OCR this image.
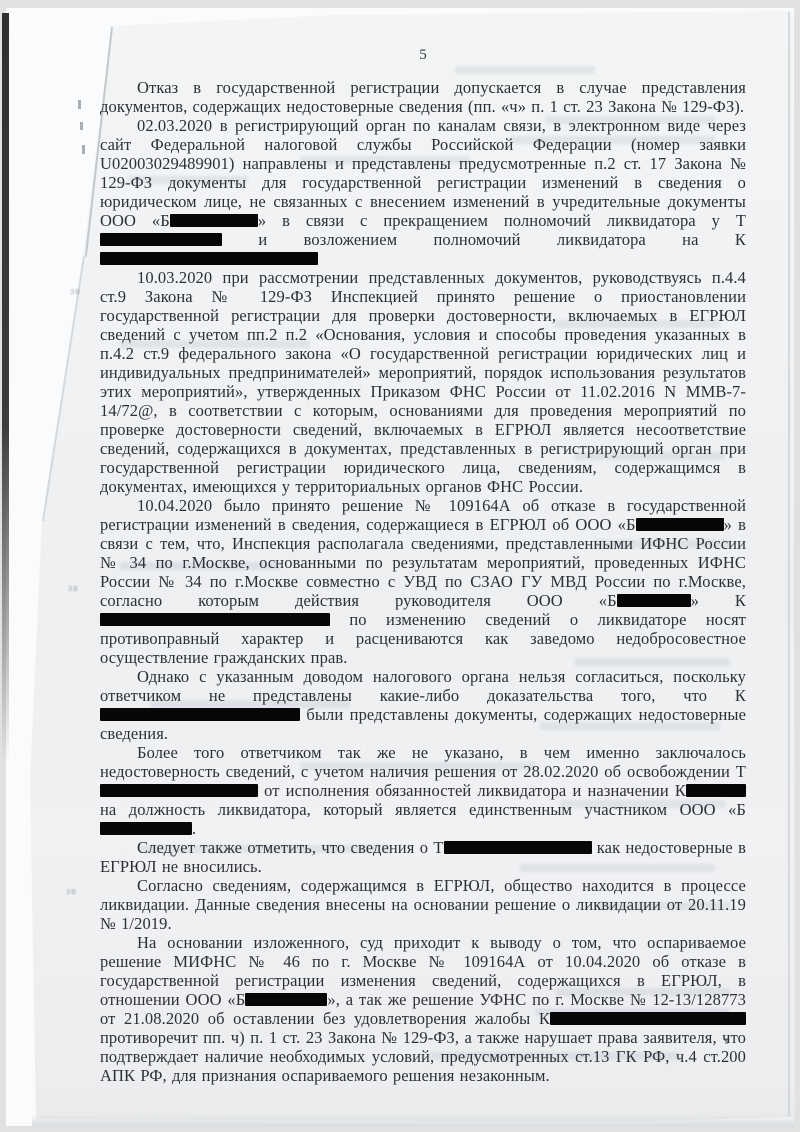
зв
зв
зв
5

Отказ в государственной регистрации допускается в случае представления документов, содержащих недостоверные сведения (пп. «ч» п. 1 ст. 23 Закона № 129-ФЗ).

02.03.2020 в регистрирующий орган по каналам связи, в электронном виде через сайт Федеральной налоговой службы Российской Федерации (номер заявки U02003029489901) направлены и представлены предусмотренные п.2 ст. 17 Закона № 129-ФЗ документы для государственной регистрации изменений в сведения о юридическом лице, не связанных с внесением изменений в учредительные документы ООО «Б	» в связи с прекращением полномочий ликвидатора у Т и возложением полномочий ликвидатора на К

10.03.2020 при рассмотрении представленных документов, руководствуясь п.4.4 ст.9 Закона № 129-ФЗ Инспекцией принято решение о приостановлении государственной регистрации для проверки достоверности, включаемых в ЕГРЮЛ сведений с учетом пп.2 п.2 «Основания, условия и способы проведения указанных в п.4.2 ст.9 федерального закона «О государственной регистрации юридических лиц и индивидуальных предпринимателей» мероприятий, порядок использования результатов этих мероприятий», утвержденных Приказом ФНС России от 11.02.2016 N ММВ-7-14/72@, в соответствии с которым, основаниями для проведения мероприятий по проверке достоверности сведений, включаемых в ЕГРЮЛ является несоответствие сведений, содержащихся в документах, представленных в регистрирующий орган при государственной регистрации юридического лица, сведениям, содержащимся в документах, имеющихся у территориальных органов ФНС России.

10.04.2020 было принято решение № 109164А об отказе в государственной регистрации изменений в сведения, содержащиеся в ЕГРЮЛ об ООО «Б	» в связи с тем, что, Инспекция располагала сведениями, представленными ИФНС России № 34 по г.Москве, основанными по результатам мероприятий, проведенных ИФНС России № 34 по г.Москве совместно с УВД по СЗАО ГУ МВД России по г.Москве, согласно которым действия руководителя ООО «Б	» К по изменению сведений о ликвидаторе носят противоправный характер и расцениваются как заведомо недобросовестное осуществление гражданских прав.

Однако с указанным доводом налогового органа нельзя согласиться, поскольку ответчиком не представлены какие-либо доказательства того, что К были представлены документы, содержащих недостоверные сведения.

Более того ответчиком так же не указано, в чем именно заключалось недостоверность сведений, с учетом наличия решения от 28.02.2020 об освобождении Т от исполнения обязанностей ликвидатора и назначении К на должность ликвидатора, который является единственным участником ООО «Б.

Следует также отметить, что сведения о Т	как недостоверные в ЕГРЮЛ не вносились.

Согласно сведениям, содержащимся в ЕГРЮЛ, общество находится в процессе ликвидации. Данные сведения внесены на основании решение о ликвидации от 20.11.19 № 1/2019.

На основании изложенного, суд приходит к выводу о том, что оспариваемое решение МИФНС № 46 по г. Москве № 109164А от 10.04.2020 об отказе в государственной регистрации изменения сведений, содержащихся в ЕГРЮЛ, в отношении ООО «Б	», а так же решение УФНС по г. Москве № 12-13/128773 от 21.08.2020 об оставлении без удовлетворения жалобы К противоречит пп. ч) п. 1 ст. 23 Закона № 129-ФЗ, а также нарушает права заявителя, что подтверждает наличие необходимых условий, предусмотренных ст.13 ГК РФ, ч.4 ст.200 АПК РФ, для признания оспариваемого решения незаконным.
